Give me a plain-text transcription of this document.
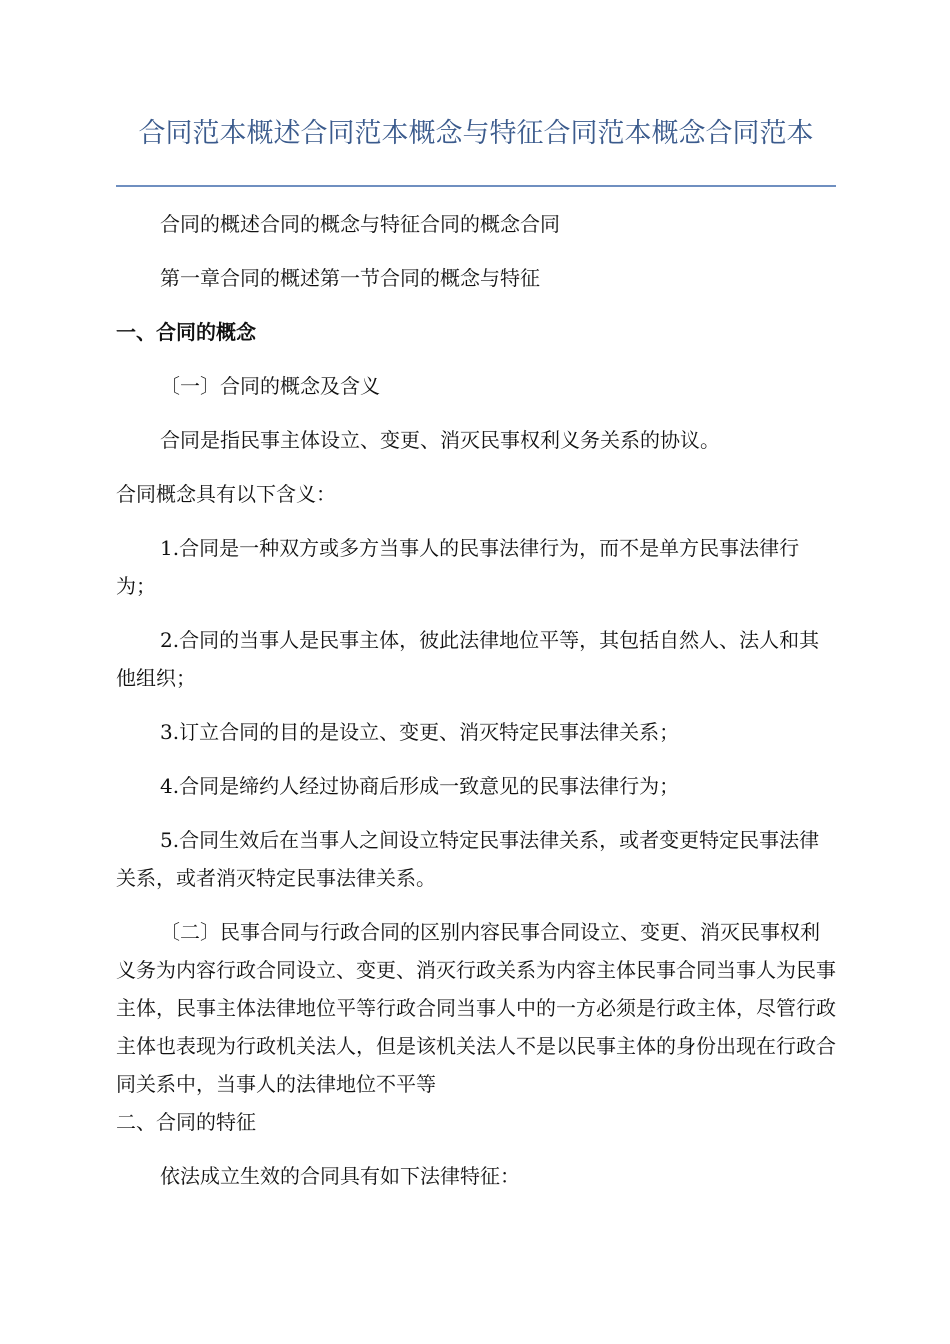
合同范本概述合同范本概念与特征合同范本概念合同范本

合同的概述合同的概念与特征合同的概念合同

第一章合同的概述第一节合同的概念与特征

一、合同的概念

〔一〕合同的概念及含义

合同是指民事主体设立、变更、消灭民事权利义务关系的协议。

合同概念具有以下含义：

1.合同是一种双方或多方当事人的民事法律行为，而不是单方民事法律行为；

2.合同的当事人是民事主体，彼此法律地位平等，其包括自然人、法人和其他组织；

3.订立合同的目的是设立、变更、消灭特定民事法律关系；

4.合同是缔约人经过协商后形成一致意见的民事法律行为；

5.合同生效后在当事人之间设立特定民事法律关系，或者变更特定民事法律关系，或者消灭特定民事法律关系。

〔二〕民事合同与行政合同的区别内容民事合同设立、变更、消灭民事权利义务为内容行政合同设立、变更、消灭行政关系为内容主体民事合同当事人为民事主体，民事主体法律地位平等行政合同当事人中的一方必须是行政主体，尽管行政主体也表现为行政机关法人，但是该机关法人不是以民事主体的身份出现在行政合同关系中，当事人的法律地位不平等

二、合同的特征

依法成立生效的合同具有如下法律特征：
